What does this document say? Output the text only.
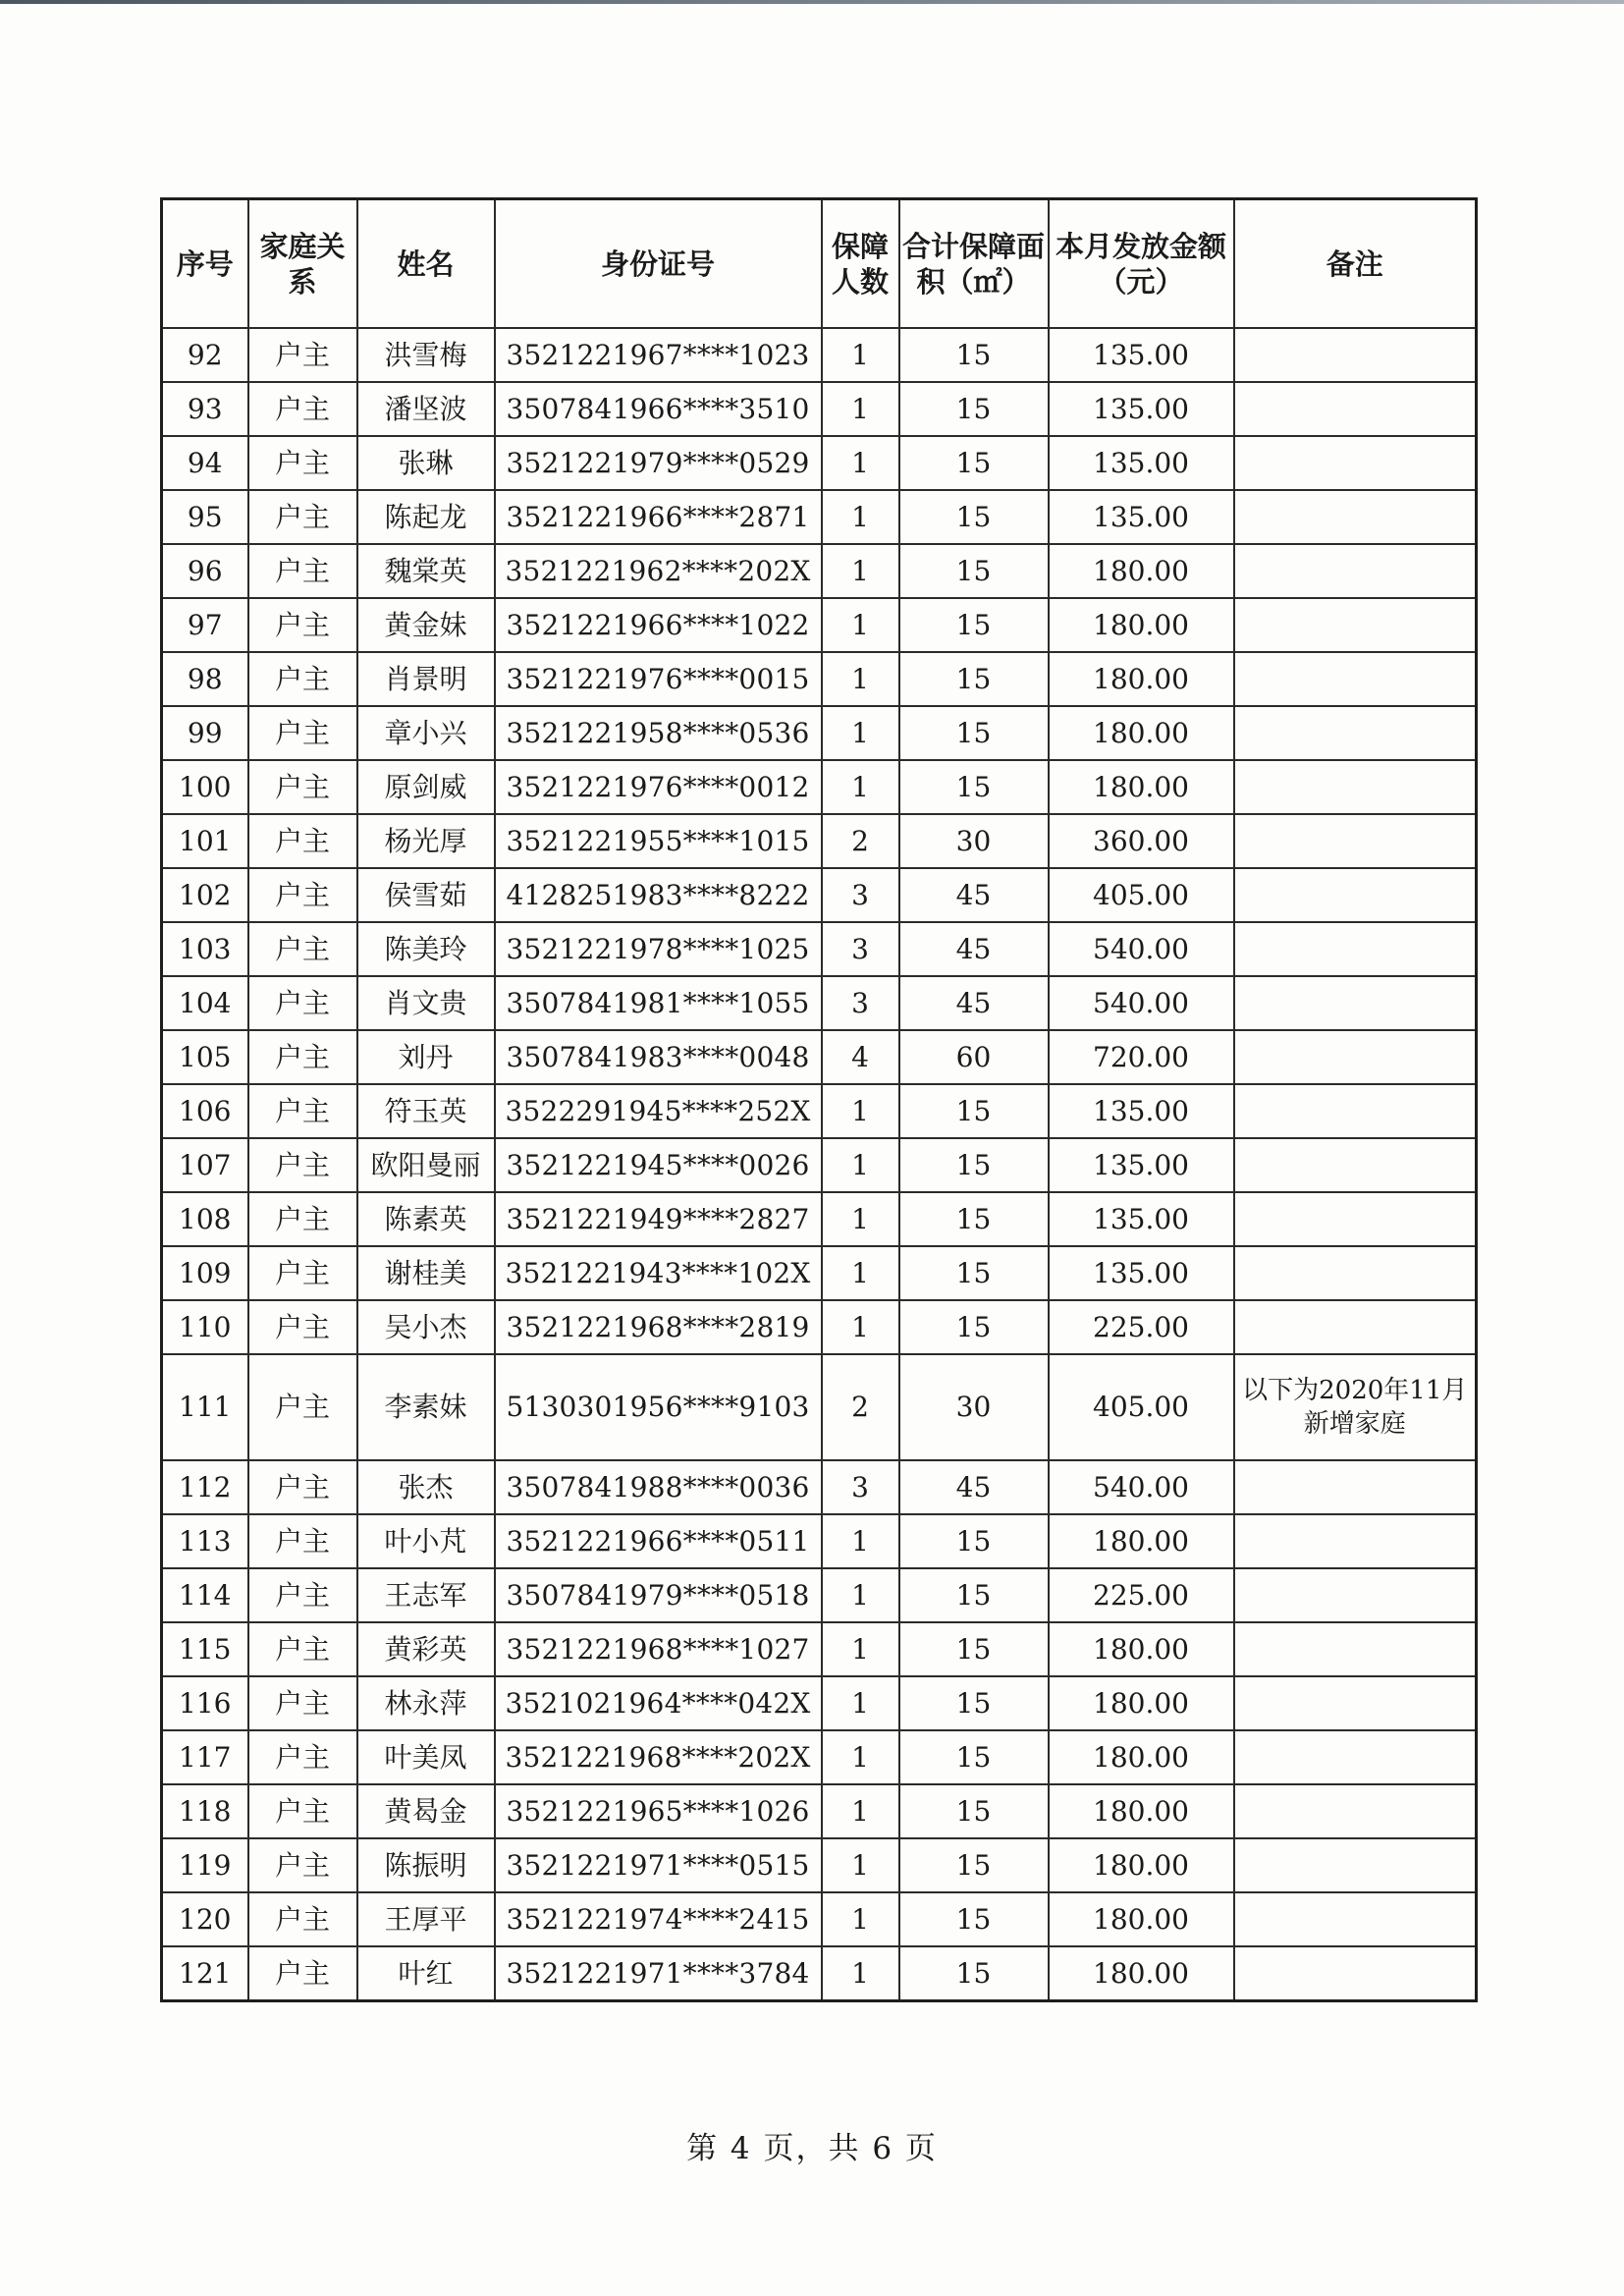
序号	家庭关系	姓名	身份证号	保障人数	合计保障面积（㎡）	本月发放金额（元）	备注
92	户主	洪雪梅	3521221967****1023	1	15	135.00	
93	户主	潘坚波	3507841966****3510	1	15	135.00	
94	户主	张琳	3521221979****0529	1	15	135.00	
95	户主	陈起龙	3521221966****2871	1	15	135.00	
96	户主	魏棠英	3521221962****202X	1	15	180.00	
97	户主	黄金妹	3521221966****1022	1	15	180.00	
98	户主	肖景明	3521221976****0015	1	15	180.00	
99	户主	章小兴	3521221958****0536	1	15	180.00	
100	户主	原剑威	3521221976****0012	1	15	180.00	
101	户主	杨光厚	3521221955****1015	2	30	360.00	
102	户主	侯雪茹	4128251983****8222	3	45	405.00	
103	户主	陈美玲	3521221978****1025	3	45	540.00	
104	户主	肖文贵	3507841981****1055	3	45	540.00	
105	户主	刘丹	3507841983****0048	4	60	720.00	
106	户主	符玉英	3522291945****252X	1	15	135.00	
107	户主	欧阳曼丽	3521221945****0026	1	15	135.00	
108	户主	陈素英	3521221949****2827	1	15	135.00	
109	户主	谢桂美	3521221943****102X	1	15	135.00	
110	户主	吴小杰	3521221968****2819	1	15	225.00	
111	户主	李素妹	5130301956****9103	2	30	405.00	以下为2020年11月新增家庭
112	户主	张杰	3507841988****0036	3	45	540.00	
113	户主	叶小芃	3521221966****0511	1	15	180.00	
114	户主	王志军	3507841979****0518	1	15	225.00	
115	户主	黄彩英	3521221968****1027	1	15	180.00	
116	户主	林永萍	3521021964****042X	1	15	180.00	
117	户主	叶美凤	3521221968****202X	1	15	180.00	
118	户主	黄曷金	3521221965****1026	1	15	180.00	
119	户主	陈振明	3521221971****0515	1	15	180.00	
120	户主	王厚平	3521221974****2415	1	15	180.00	
121	户主	叶红	3521221971****3784	1	15	180.00	
第 4 页，共 6 页
